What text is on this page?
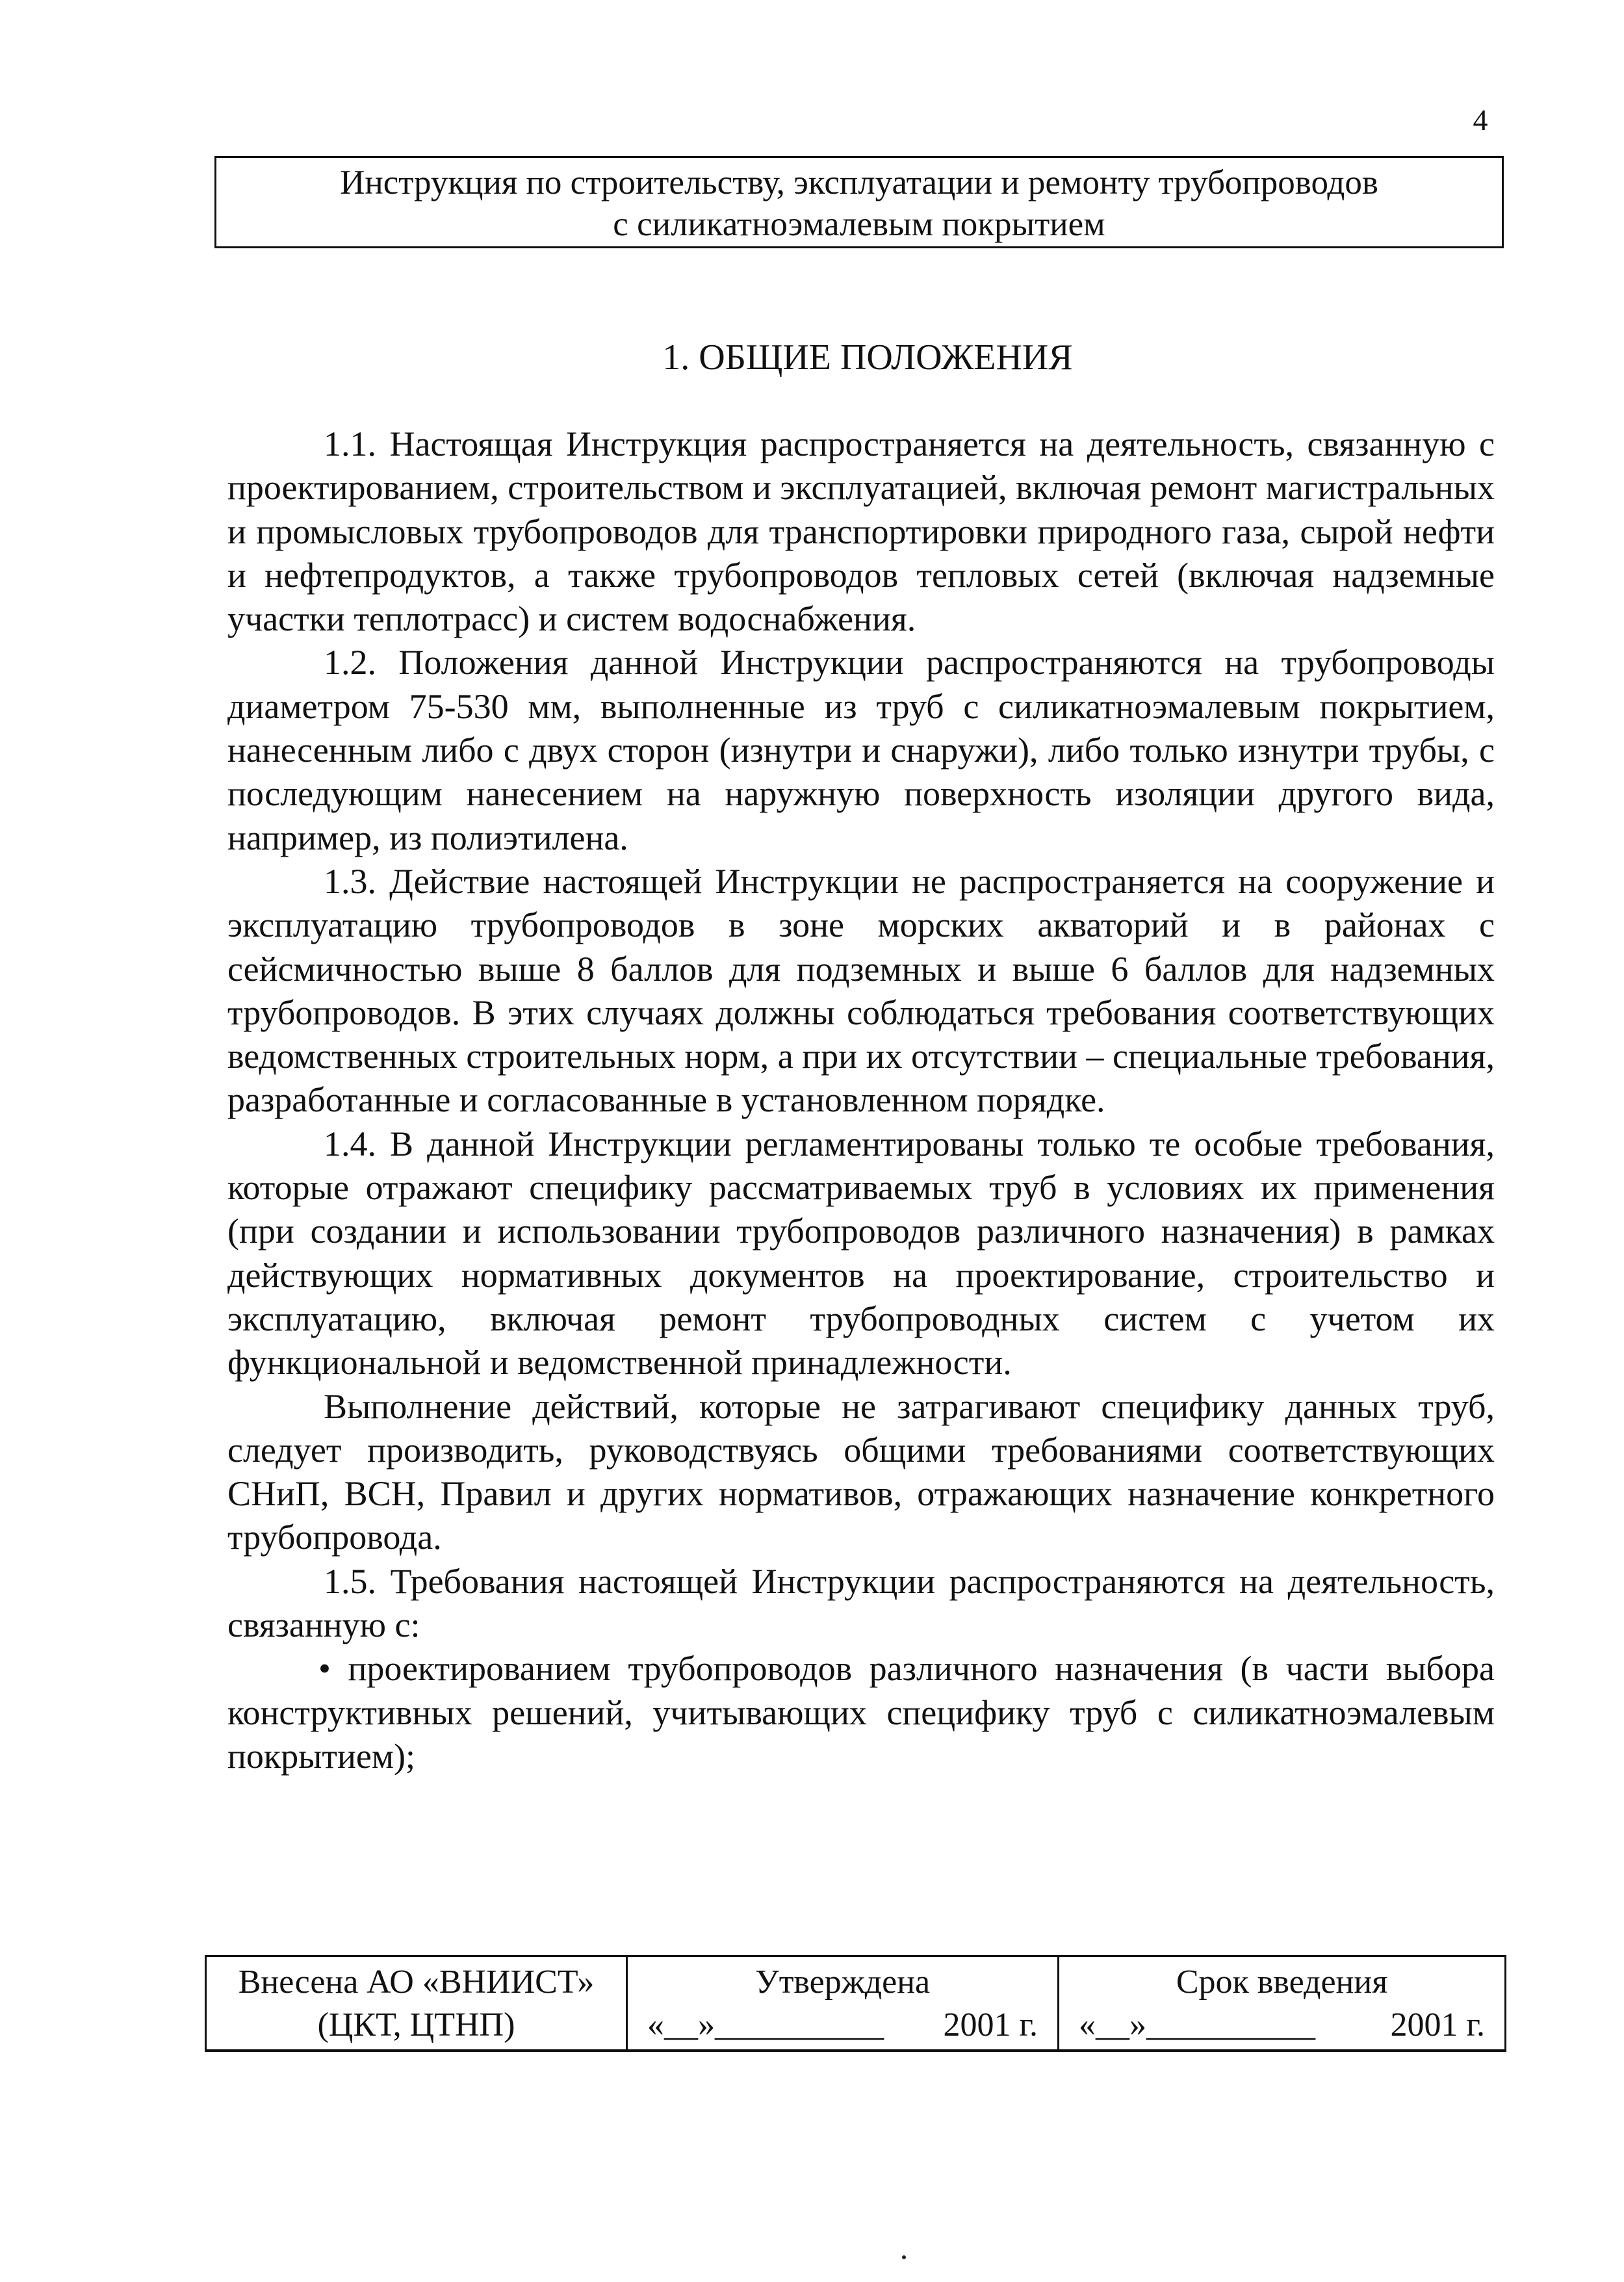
4
Инструкция по строительству, эксплуатации и ремонту трубопроводов
с силикатноэмалевым покрытием
1. ОБЩИЕ ПОЛОЖЕНИЯ

1.1. Настоящая Инструкция распространяется на деятельность, связанную с проектированием, строительством и эксплуатацией, включая ремонт магистральных и промысловых трубопроводов для транспортировки природного газа, сырой нефти и нефтепродуктов, а также трубопроводов тепловых сетей (включая надземные участки теплотрасс) и систем водоснабжения.

1.2. Положения данной Инструкции распространяются на трубопроводы диаметром 75-530 мм, выполненные из труб с силикатноэмалевым покрытием, нанесенным либо с двух сторон (изнутри и снаружи), либо только изнутри трубы, с последующим нанесением на наружную поверхность изоляции другого вида, например, из полиэтилена.

1.3. Действие настоящей Инструкции не распространяется на сооружение и эксплуатацию трубопроводов в зоне морских акваторий и в районах с сейсмичностью выше 8 баллов для подземных и выше 6 баллов для надземных трубопроводов. В этих случаях должны соблюдаться требования соответствующих ведомственных строительных норм, а при их отсутствии – специальные требования, разработанные и согласованные в установленном порядке.

1.4. В данной Инструкции регламентированы только те особые требования, которые отражают специфику рассматриваемых труб в условиях их применения (при создании и использовании трубопроводов различного назначения) в рамках действующих нормативных документов на проектирование, строительство и эксплуатацию, включая ремонт трубопроводных систем с учетом их функциональной и ведомственной принадлежности.

Выполнение действий, которые не затрагивают специфику данных труб, следует производить, руководствуясь общими требованиями соответствующих СНиП, ВСН, Правил и других нормативов, отражающих назначение конкретного трубопровода.

1.5. Требования настоящей Инструкции распространяются на деятельность, связанную с:

• проектированием трубопроводов различного назначения (в части выбора конструктивных решений, учитывающих специфику труб с силикатноэмалевым покрытием);

Внесена АО «ВНИИСТ»
(ЦКТ, ЦТНП)

Утверждена
«__»__________ 2001 г.

Срок введения
«__»__________ 2001 г.
